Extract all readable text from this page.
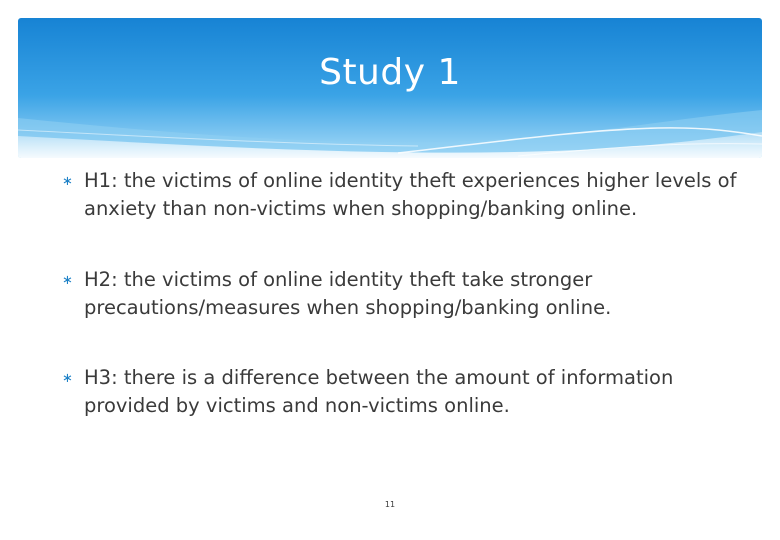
Study 1
∗ H1: the victims of online identity theft experiences higher levels of anxiety than non-victims when shopping/banking online.
∗ H2: the victims of online identity theft take stronger precautions/measures when shopping/banking online.
∗ H3: there is a difference between the amount of information provided by victims and non-victims online.
11
